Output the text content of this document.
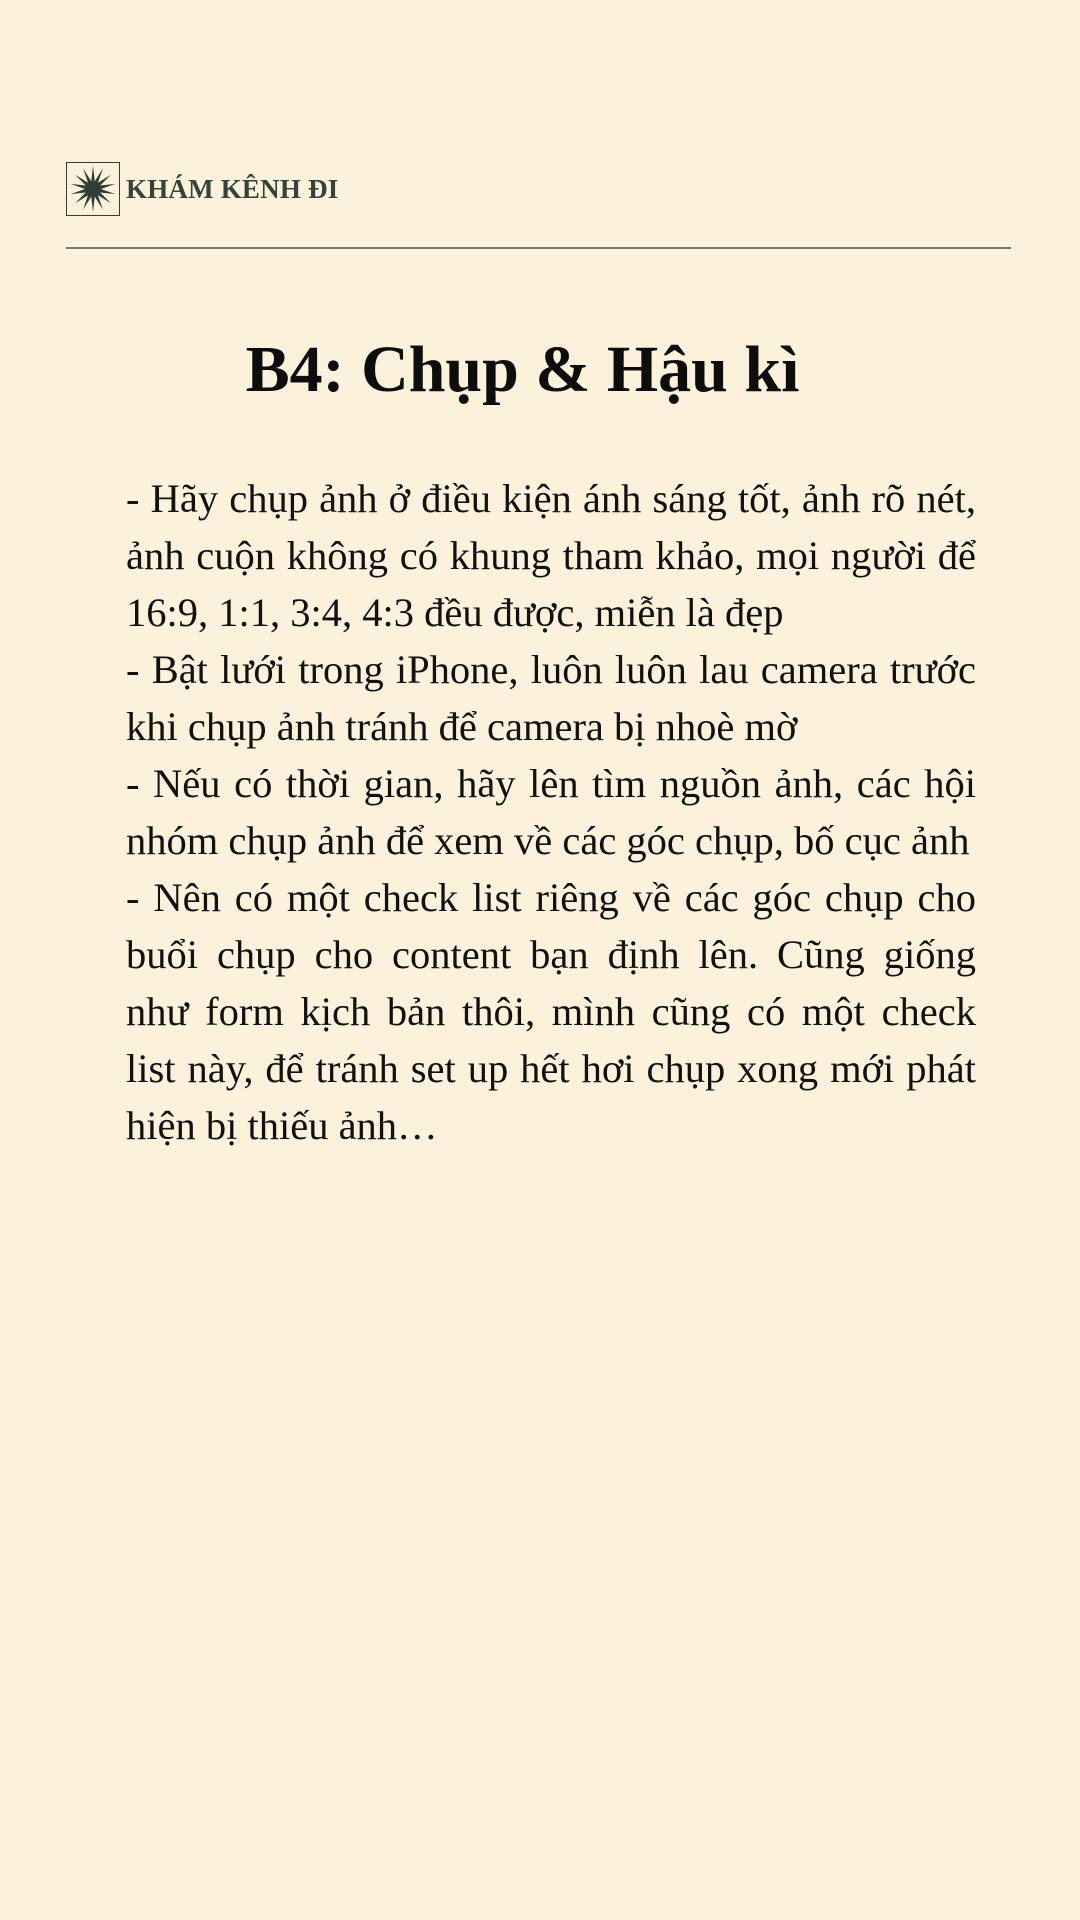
KHÁM KÊNH ĐI
B4: Chụp & Hậu kì

- Hãy chụp ảnh ở điều kiện ánh sáng tốt, ảnh rõ nét, ảnh cuộn không có khung tham khảo, mọi người để 16:9, 1:1, 3:4, 4:3 đều được, miễn là đẹp

- Bật lưới trong iPhone, luôn luôn lau camera trước khi chụp ảnh tránh để camera bị nhoè mờ

- Nếu có thời gian, hãy lên tìm nguồn ảnh, các hội nhóm chụp ảnh để xem về các góc chụp, bố cục ảnh

- Nên có một check list riêng về các góc chụp cho buổi chụp cho content bạn định lên. Cũng giống như form kịch bản thôi, mình cũng có một check list này, để tránh set up hết hơi chụp xong mới phát hiện bị thiếu ảnh…
